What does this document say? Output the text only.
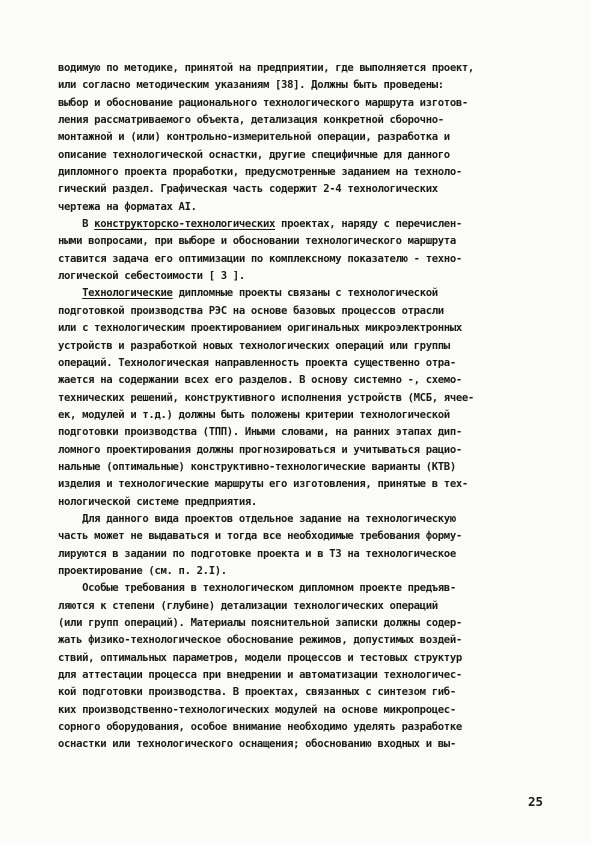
водимую по методике, принятой на предприятии, где выполняется проект,
или согласно методическим указаниям [38]. Должны быть проведены:
выбор и обоснование рационального технологического маршрута изготов-
ления рассматриваемого объекта, детализация конкретной сборочно-
монтажной и (или) контрольно-измерительной операции, разработка и
описание технологической оснастки, другие специфичные для данного
дипломного проекта проработки, предусмотренные заданием на техноло-
гический раздел. Графическая часть содержит 2-4 технологических
чертежа на форматах АI.
В конструкторско-технологических проектах, наряду с перечислен-
ными вопросами, при выборе и обосновании технологического маршрута
ставится задача его оптимизации по комплексному показателю - техно-
логической себестоимости [ 3 ].
Технологические дипломные проекты связаны с технологической
подготовкой производства РЭС на основе базовых процессов отрасли
или с технологическим проектированием оригинальных микроэлектронных
устройств и разработкой новых технологических операций или группы
операций. Технологическая направленность проекта существенно отра-
жается на содержании всех его разделов. В основу системно -, схемо-
технических решений, конструктивного исполнения устройств (МСБ, ячеe-
ек, модулей и т.д.) должны быть положены критерии технологической
подготовки производства (ТПП). Иными словами, на ранних этапах дип-
ломного проектирования должны прогнозироваться и учитываться рацио-
нальные (оптимальные) конструктивно-технологические варианты (КТВ)
изделия и технологические маршруты его изготовления, принятые в тех-
нологической системе предприятия.
Для данного вида проектов отдельное задание на технологическую
часть может не выдаваться и тогда все необходимые требования форму-
лируются в задании по подготовке проекта и в ТЗ на технологическое
проектирование (см. п. 2.I).
Особые требования в технологическом дипломном проекте предъяв-
ляются к степени (глубине) детализации технологических операций
(или групп операций). Материалы пояснительной записки должны содер-
жать физико-технологическое обоснование режимов, допустимых воздей-
ствий, оптимальных параметров, модели процессов и тестовых структур
для аттестации процесса при внедрении и автоматизации технологичес-
кой подготовки производства. В проектах, связанных с синтезом гиб-
ких производственно-технологических модулей на основе микропроцес-
сорного оборудования, особое внимание необходимо уделять разработке
оснастки или технологического оснащения; обоснованию входных и вы-
25
